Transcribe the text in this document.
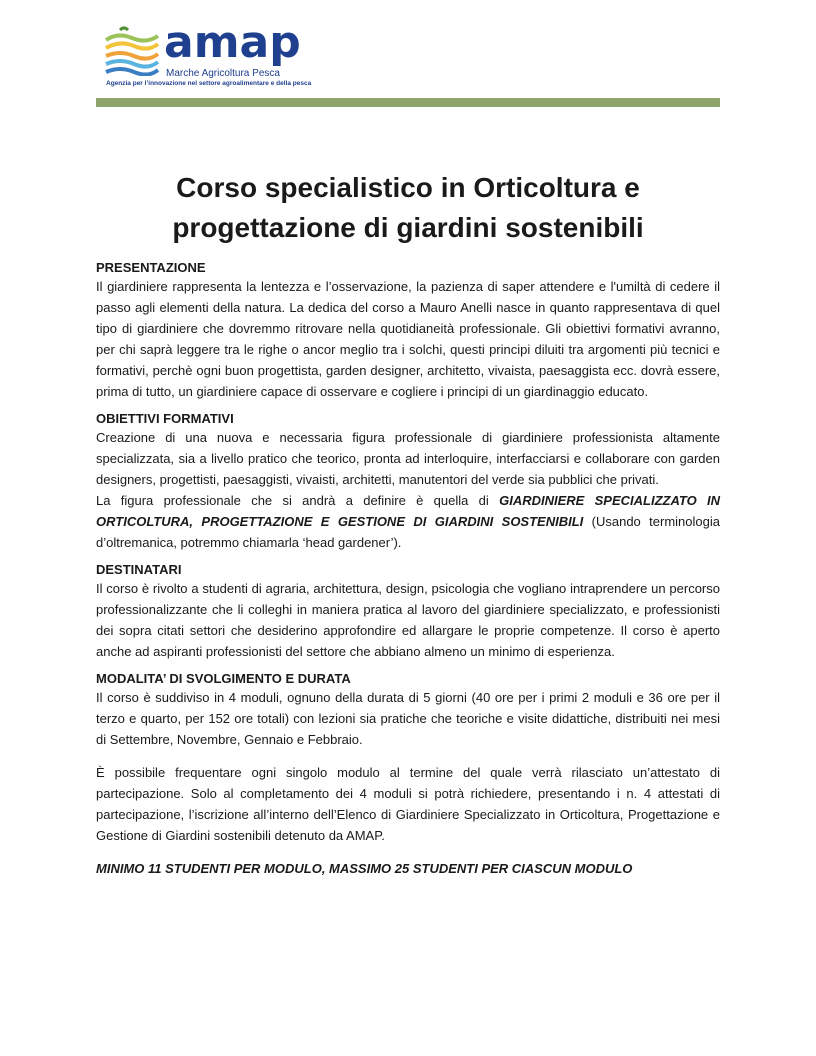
amap
Marche Agricoltura Pesca
Agenzia per l’innovazione nel settore agroalimentare e della pesca
Corso specialistico in Orticoltura e progettazione di giardini sostenibili
PRESENTAZIONE

Il giardiniere rappresenta la lentezza e l’osservazione, la pazienza di saper attendere e l'umiltà di cedere il passo agli elementi della natura. La dedica del corso a Mauro Anelli nasce in quanto rappresentava di quel tipo di giardiniere che dovremmo ritrovare nella quotidianeità professionale. Gli obiettivi formativi avranno, per chi saprà leggere tra le righe o ancor meglio tra i solchi, questi principi diluiti tra argomenti più tecnici e formativi, perchè ogni buon progettista, garden designer, architetto, vivaista, paesaggista ecc. dovrà essere, prima di tutto, un giardiniere capace di osservare e cogliere i principi di un giardinaggio educato.

OBIETTIVI FORMATIVI

Creazione di una nuova e necessaria figura professionale di giardiniere professionista altamente specializzata, sia a livello pratico che teorico, pronta ad interloquire, interfacciarsi e collaborare con garden designers, progettisti, paesaggisti, vivaisti, architetti, manutentori del verde sia pubblici che privati.

La figura professionale che si andrà a definire è quella di GIARDINIERE SPECIALIZZATO IN ORTICOLTURA, PROGETTAZIONE E GESTIONE DI GIARDINI SOSTENIBILI (Usando terminologia d’oltremanica, potremmo chiamarla ‘head gardener’).

DESTINATARI

Il corso è rivolto a studenti di agraria, architettura, design, psicologia che vogliano intraprendere un percorso professionalizzante che li colleghi in maniera pratica al lavoro del giardiniere specializzato, e professionisti dei sopra citati settori che desiderino approfondire ed allargare le proprie competenze. Il corso è aperto anche ad aspiranti professionisti del settore che abbiano almeno un minimo di esperienza.

MODALITA’ DI SVOLGIMENTO E DURATA

Il corso è suddiviso in 4 moduli, ognuno della durata di 5 giorni (40 ore per i primi 2 moduli e 36 ore per il terzo e quarto, per 152 ore totali) con lezioni sia pratiche che teoriche e visite didattiche, distribuiti nei mesi di Settembre, Novembre, Gennaio e Febbraio.

È possibile frequentare ogni singolo modulo al termine del quale verrà rilasciato un’attestato di partecipazione. Solo al completamento dei 4 moduli si potrà richiedere, presentando i n. 4 attestati di partecipazione, l’iscrizione all’interno dell’Elenco di Giardiniere Specializzato in Orticoltura, Progettazione e Gestione di Giardini sostenibili detenuto da AMAP.

MINIMO 11 STUDENTI PER MODULO, MASSIMO 25 STUDENTI PER CIASCUN MODULO
